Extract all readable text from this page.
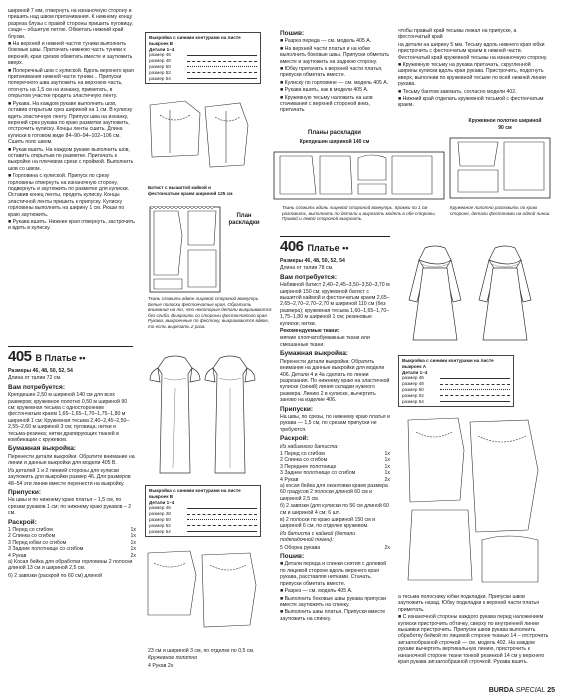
шириной 7 мм, отвернуть на изнаночную сторону и пришить над швом притачивания. К нижнему концу разреза блузы с правой стороны пришить пуговицу, сзади – обшитую петлю. Обметать нижний край блузки.

■ На верхней и нижней частях туники выполнить боковые швы. Притачать нижнюю часть туники к верхней, края срезов обметать вместе и заутюжить вверх.

■ Поперечный шов с кулиской. Вдоль верхнего края притачивания нижней части туники... Припуски поперечного шва заутюжить на верхнюю часть, отогнуть на 1,5 см на изнанку, приметать, в открытом участке продеть эластичную ленту.

■ Рукава. На каждом рукаве выполнить шов, оставив открытым срез шириной на 1 см. В кулиску вдеть эластичную ленту. Припуск шва на изнанку, верхний срез рукава по краю разметки заутюжить, отстрочить кулиску. Концы ленты сшить. Длина кулиски в готовом виде 84–90–94–102–106 см. Сшить пояс швом.

■ Рукав вшить. На каждом рукаве выполнить шов, оставить открытым по разметке. Притачать к выкройке на плечевом срезе с проймой. Выполнить шов со швом.

■ Горловина с кулиской. Припуск по срезу горловины отвернуть на изнаночную сторону, подвернуть и заутюжить по разметке для кулиски. Оставив конец ленты, продеть кулиску. Концы эластичной ленты пришить к припуску. Кулиску горловины выполнить на ширину 1 см. Рюши по краю заутюжить.

■ Рукава вшить. Нижние края отвернуть, застрочить и вдеть в кулиску.

Выкройка с синими контурами на листе выкроек В
Детали 1–4
размер 46
размер 48
размер 50
размер 52
размер 54
Батист с вышитой кайкой и фестончатым краем шириной 125 см
План раскладки
Ткань сложить вдвое лицевой стороной вовнутрь. Белые полоски фестончатые края. Обратить внимание на то, что некоторые детали выкраиваются без сгиба. Выкроить со стороны фестончатого края. Рукава, выкроенные по фестону, выкраиваются вдвое, то есть вырезать 2 раза.
Пошив:

■ Разрез переда — см. модель 405 А.

■ На верхней части платья и на юбке выполнить боковые швы. Припуски обметать вместе и заутюжить на заднюю сторону.

■ Юбку притачать к верхней части платья, припуски обметать вместе.

■ Кулиску по горловине — см. модель 405 А.

■ Рукава вшить, как в модели 405 А.

■ Кружевную тесьму наложить на шов стачивания с верхней стороной вниз, притачать.

чтобы правый край тесьмы лежал на припуске, а фестончатый край

на детали на ширину 5 мм. Тесьму вдоль нижнего края юбки пристрочить с фестончатым краем в нижней части. Фестончатый край кружевной тесьмы на изнаночную сторону.

■ Кружевную тесьму на рукава притачать, скругленной ширины кулиски вдоль края рукава. Пристрочить, подогнуть вверх, выполнив по кружевной тесьме по всей нижней линии рукава.

■ Тесьму бантом завязать, согласно модели 402.

■ Нижний край отделать кружевной тесьмой с фестончатым краем.

Планы раскладки
Крепдешин шириной 140 см
Кружевное полотно шириной 90 см
Ткань сложить вдоль лицевой стороной вовнутрь. Кромки по 1 см разложить, выполнить по детали и вырезать модель в обе стороны. Правой и левой стороной выкроить.
Кружевное полотно разложить по краю стороне, детали фестонами на одной линии.
405 В Платье ••

Размеры 46, 48, 50, 52, 54

Длина от талии 72 см.

Вам потребуется:

Крепдешин 2,50 м шириной 140 см для всех размеров; кружевное полотно 0,50 м шириной 90 см; кружевная тесьма с односторонним фестончатым краем 1,65–1,65–1,70–1,75–1,80 м шириной 1 см; Кружевная тесьма 2,40–2,45–2,50–2,55–2,60 м шириной 3 см; пуговица; нитки и тесьма-резинка; нитки драпирующих тканей в комбинации с кружевом.

Бумажная выкройка:

Перенести детали выкройки. Обратите внимание на линии и данные выкройки для модели 405 В.

Из деталей 1 и 2 линией стороны для кулиски заутюжить для выкройки размер 46. Для размеров 48–54 эти линии вместе перенести на выкройку.

Припуски:

На швы и по нижнему краю платья – 1,5 см, по срезам рукавов 1 см; по нижнему краю рукавов – 2 см.

Раскрой:
1 Перед со сгибом	1x
2 Спинка со сгибом	1x
3 Перед юбки со сгибом	1x
3 Задние полотнище со сгибом	1x
4 Рукав	2x

а) Косая бейка для обработки горловины 2 полоски длиной 13 см и шириной 2,5 см.

б) 2 завязки (раскрой по 60 см) длиной

Выкройка с синими контурами на листе выкроек В
Детали 1–4
размер 46
размер 48
размер 50
размер 52
размер 54

23 см и шириной 3 см, по отделке по 0,5 см.

Кружевное полотно

4 Рукав 2x

406 Платье ••

Размеры 46, 48, 50, 52, 54

Длина от талии 78 см.

Вам потребуется:

Набивной батист 2,40–2,45–3,50–3,50–3,70 м шириной 150 см; кружевной батист с вышитой каймой и фестончатым краем 2,65–2,65–2,70–2,70–2,70 м шириной 110 см (без размера); кружевная тесьма 1,60–1,65–1,70–1,75–1,80 м шириной 1 см; резиновые кулиски; нитки.

Рекомендуемые ткани:

мягкие хлопчатобумажные ткани или смешанные ткани.

Бумажная выкройка:

Перенести детали выкройки. Обратить внимание на данные выкройки для модели 406. Детали 4 и 4а сделать по линии разрезания. По нижнему краю на эластичной кулиске (синий) линия складки нужного размера. Линию 2 в кулиске, вычертить заново на изделие 406.

Припуски:

На швы, по срезы, по нижнему краю платья и рукава — 1,5 см, по срезам припуски не требуются.

Раскрой:

Из набивного батиста:

1 Перед со сгибом	1x
2 Спинка со сгибом	1x
3 Переднее полотнище	1x
3 Заднее полотнище со сгибом	1x
4 Рукав	2x

а) косая бейка для окантовки краев размера 60 градусов 2 полоски длиной 60 см и шириной 2,5 см.

б) 2 завязки (для кулиски по 56 см длиной 60 см и шириной 4 см; 6 шт.

в) 2 полоски по краю шириной 150 см и шириной 6 см, по отделке кружевом.

Из батиста с каймой (детали подкладочной ткани):

5 Оборка рукава	2x
Пошив:

■ Детали переда и спинки снятия с долевой по лицевой стороне вдоль верхнего края рукава, расставляя нитками. Стачать, припуски обметать вместе.

■ Разрез — см. модель 405 А.

■ Выполнить боковые швы рукава припуски вместе заутюжить на спинку.

■ Выполнить швы платья. Припуски вместе заутюжить на спинку.

Выкройка с синими контурами на листе выкроек А
Детали 1–4
размер 46
размер 48
размер 50
размер 52
размер 54

а тесьма полоснику юбки подкладки. Припуски швов заутюжить назад. Юбку подкладки к верхней части платья приметать.

■ С изнаночной стороны каждого рукава перед наложением кулиски пристрочить обтачку, сверху по внутренней линии вышивки пристрочить. Припуски швов рукава выполнить обработку бейкой по лицевой стороне тканью 14 – отстрочить зигзагообразной строчкой — см. модель 402. На каждом рукаве вычертить вертикальную линию, пристрочить к изнаночной стороне ткани тонкой резинкой 14 см у верхнего края рукава зигзагообразной строчкой. Рукава вшить.

BURDA SPECIAL 25
